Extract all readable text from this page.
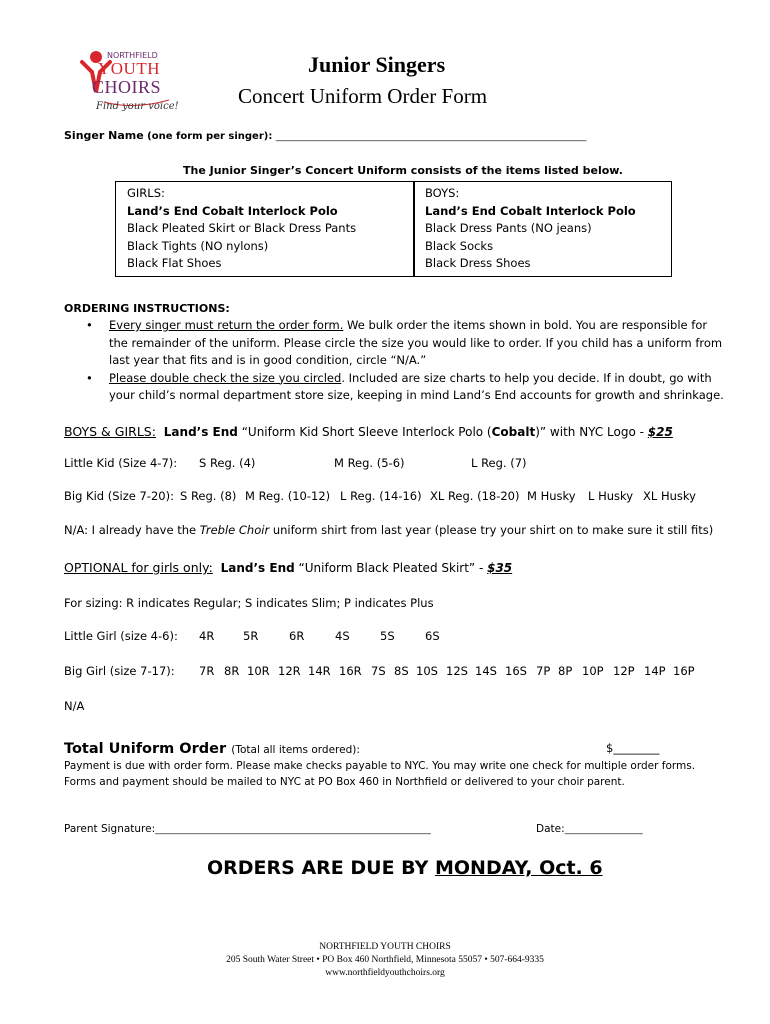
NORTHFIELD
YOUTH
CHOIRS
Find your voice!
Junior Singers
Concert Uniform Order Form
Singer Name (one form per singer): _____________________________________________________________________
The Junior Singer’s Concert Uniform consists of the items listed below.
GIRLS:
Land’s End Cobalt Interlock Polo
Black Pleated Skirt or Black Dress Pants
Black Tights (NO nylons)
Black Flat Shoes
BOYS:
Land’s End Cobalt Interlock Polo
Black Dress Pants (NO jeans)
Black Socks
Black Dress Shoes
ORDERING INSTRUCTIONS:
• Every singer must return the order form. We bulk order the items shown in bold. You are responsible for the remainder of the uniform. Please circle the size you would like to order. If you child has a uniform from last year that fits and is in good condition, circle “N/A.”
• Please double check the size you circled. Included are size charts to help you decide. If in doubt, go with your child’s normal department store size, keeping in mind Land’s End accounts for growth and shrinkage.
BOYS & GIRLS: Land’s End “Uniform Kid Short Sleeve Interlock Polo (Cobalt)” with NYC Logo - $25
Little Kid (Size 4-7): S Reg. (4)	M Reg. (5-6)	L Reg. (7)
Big Kid (Size 7-20): S Reg. (8) M Reg. (10-12) L Reg. (14-16) XL Reg. (18-20) M Husky L Husky XL Husky
N/A: I already have the Treble Choir uniform shirt from last year (please try your shirt on to make sure it still fits)
OPTIONAL for girls only: Land’s End “Uniform Black Pleated Skirt” - $35
For sizing: R indicates Regular; S indicates Slim; P indicates Plus
Little Girl (size 4-6): 4R 5R	6R	4S	5S	6S
Big Girl (size 7-17): 7R 8R 10R 12R 14R 16R 7S 8S 10S 12S 14S 16S 7P 8P 10P 12P 14P 16P
N/A
Total Uniform Order (Total all items ordered):	$________
Payment is due with order form. Please make checks payable to NYC. You may write one check for multiple order forms.
Forms and payment should be mailed to NYC at PO Box 460 in Northfield or delivered to your choir parent.
Parent Signature:____________________________________________________________	Date:_________________
ORDERS ARE DUE BY MONDAY, Oct. 6
NORTHFIELD YOUTH CHOIRS
205 South Water Street • PO Box 460 Northfield, Minnesota 55057 • 507-664-9335
www.northfieldyouthchoirs.org
